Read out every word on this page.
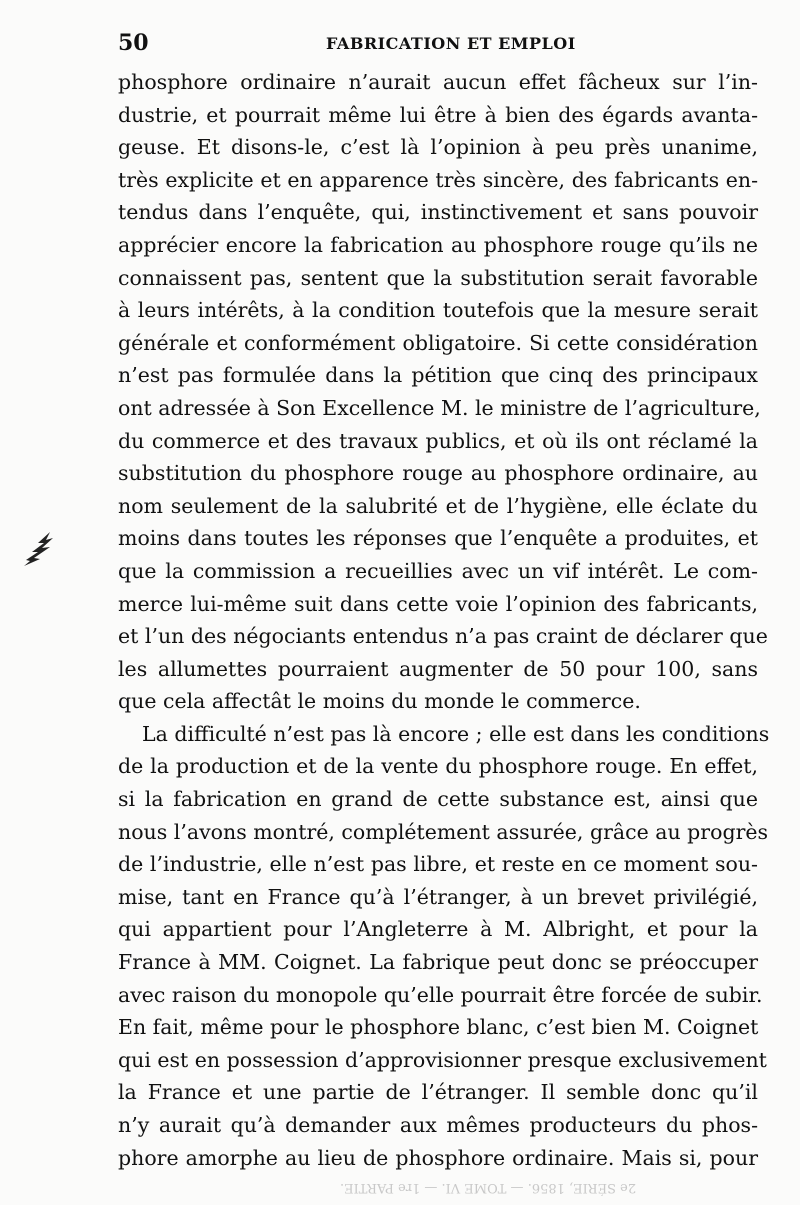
50	FABRICATION ET EMPLOI
phosphore ordinaire n’aurait aucun effet fâcheux sur l’in-
dustrie, et pourrait même lui être à bien des égards avanta-
geuse. Et disons-le, c’est là l’opinion à peu près unanime,
très explicite et en apparence très sincère, des fabricants en-
tendus dans l’enquête, qui, instinctivement et sans pouvoir
apprécier encore la fabrication au phosphore rouge qu’ils ne
connaissent pas, sentent que la substitution serait favorable
à leurs intérêts, à la condition toutefois que la mesure serait
générale et conformément obligatoire. Si cette considération
n’est pas formulée dans la pétition que cinq des principaux
ont adressée à Son Excellence M. le ministre de l’agriculture,
du commerce et des travaux publics, et où ils ont réclamé la
substitution du phosphore rouge au phosphore ordinaire, au
nom seulement de la salubrité et de l’hygiène, elle éclate du
moins dans toutes les réponses que l’enquête a produites, et
que la commission a recueillies avec un vif intérêt. Le com-
merce lui-même suit dans cette voie l’opinion des fabricants,
et l’un des négociants entendus n’a pas craint de déclarer que
les allumettes pourraient augmenter de 50 pour 100, sans
que cela affectât le moins du monde le commerce.
La difficulté n’est pas là encore ; elle est dans les conditions
de la production et de la vente du phosphore rouge. En effet,
si la fabrication en grand de cette substance est, ainsi que
nous l’avons montré, complétement assurée, grâce au progrès
de l’industrie, elle n’est pas libre, et reste en ce moment sou-
mise, tant en France qu’à l’étranger, à un brevet privilégié,
qui appartient pour l’Angleterre à M. Albright, et pour la
France à MM. Coignet. La fabrique peut donc se préoccuper
avec raison du monopole qu’elle pourrait être forcée de subir.
En fait, même pour le phosphore blanc, c’est bien M. Coignet
qui est en possession d’approvisionner presque exclusivement
la France et une partie de l’étranger. Il semble donc qu’il
n’y aurait qu’à demander aux mêmes producteurs du phos-
phore amorphe au lieu de phosphore ordinaire. Mais si, pour
2e SÉRIE, 1856. — TOME VI. — 1re PARTIE.
